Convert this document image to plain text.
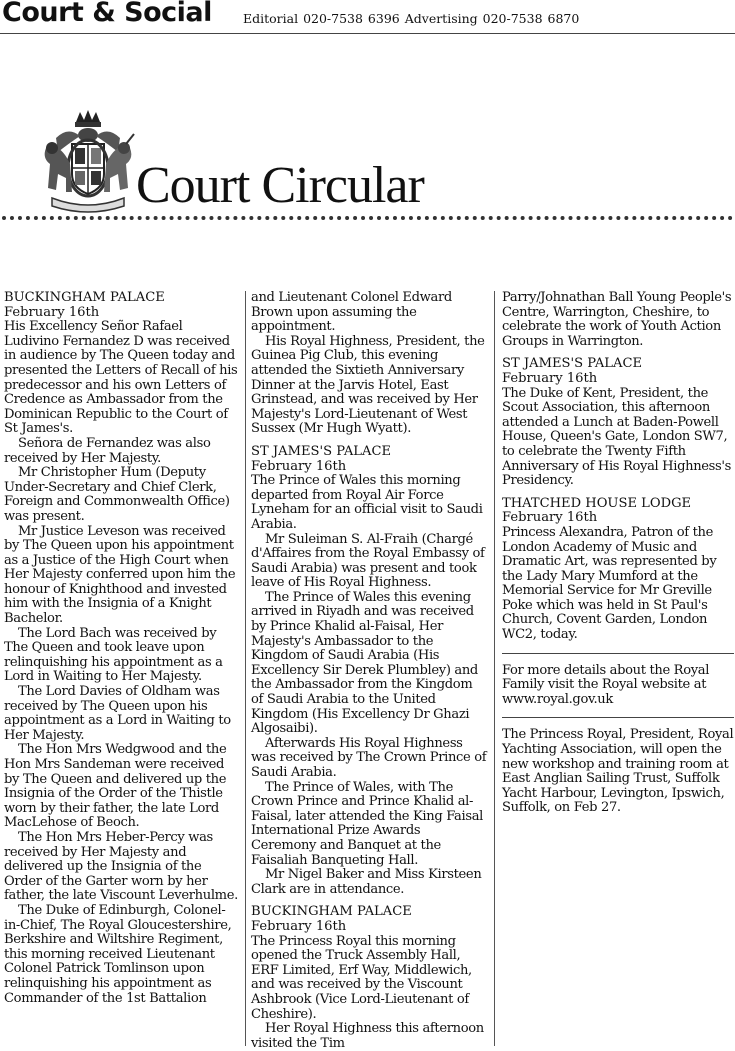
Court & Social Editorial 020-7538 6396 Advertising 020-7538 6870
Court Circular

BUCKINGHAM PALACE

February 16th

His Excellency Señor Rafael Ludivino Fernandez D was received in audience by The Queen today and presented the Letters of Recall of his predecessor and his own Letters of Credence as Ambassador from the Dominican Republic to the Court of St James's.

Señora de Fernandez was also received by Her Majesty.

Mr Christopher Hum (Deputy Under-Secretary and Chief Clerk, Foreign and Commonwealth Office) was present.

Mr Justice Leveson was received by The Queen upon his appointment as a Justice of the High Court when Her Majesty conferred upon him the honour of Knighthood and invested him with the Insignia of a Knight Bachelor.

The Lord Bach was received by The Queen and took leave upon relinquishing his appointment as a Lord in Waiting to Her Majesty.

The Lord Davies of Oldham was received by The Queen upon his appointment as a Lord in Waiting to Her Majesty.

The Hon Mrs Wedgwood and the Hon Mrs Sandeman were received by The Queen and delivered up the Insignia of the Order of the Thistle worn by their father, the late Lord MacLehose of Beoch.

The Hon Mrs Heber-Percy was received by Her Majesty and delivered up the Insignia of the Order of the Garter worn by her father, the late Viscount Leverhulme.

The Duke of Edinburgh, Colonel-in-Chief, The Royal Gloucestershire, Berkshire and Wiltshire Regiment, this morning received Lieutenant Colonel Patrick Tomlinson upon relinquishing his appointment as Commander of the 1st Battalion

and Lieutenant Colonel Edward Brown upon assuming the appointment.

His Royal Highness, President, the Guinea Pig Club, this evening attended the Sixtieth Anniversary Dinner at the Jarvis Hotel, East Grinstead, and was received by Her Majesty's Lord-Lieutenant of West Sussex (Mr Hugh Wyatt).

ST JAMES'S PALACE

February 16th

The Prince of Wales this morning departed from Royal Air Force Lyneham for an official visit to Saudi Arabia.

Mr Suleiman S. Al-Fraih (Chargé d'Affaires from the Royal Embassy of Saudi Arabia) was present and took leave of His Royal Highness.

The Prince of Wales this evening arrived in Riyadh and was received by Prince Khalid al-Faisal, Her Majesty's Ambassador to the Kingdom of Saudi Arabia (His Excellency Sir Derek Plumbley) and the Ambassador from the Kingdom of Saudi Arabia to the United Kingdom (His Excellency Dr Ghazi Algosaibi).

Afterwards His Royal Highness was received by The Crown Prince of Saudi Arabia.

The Prince of Wales, with The Crown Prince and Prince Khalid al-Faisal, later attended the King Faisal International Prize Awards Ceremony and Banquet at the Faisaliah Banqueting Hall.

Mr Nigel Baker and Miss Kirsteen Clark are in attendance.

BUCKINGHAM PALACE

February 16th

The Princess Royal this morning opened the Truck Assembly Hall, ERF Limited, Erf Way, Middlewich, and was received by the Viscount Ashbrook (Vice Lord-Lieutenant of Cheshire).

Her Royal Highness this afternoon visited the Tim

Parry/Johnathan Ball Young People's Centre, Warrington, Cheshire, to celebrate the work of Youth Action Groups in Warrington.

ST JAMES'S PALACE

February 16th

The Duke of Kent, President, the Scout Association, this afternoon attended a Lunch at Baden-Powell House, Queen's Gate, London SW7, to celebrate the Twenty Fifth Anniversary of His Royal Highness's Presidency.

THATCHED HOUSE LODGE

February 16th

Princess Alexandra, Patron of the London Academy of Music and Dramatic Art, was represented by the Lady Mary Mumford at the Memorial Service for Mr Greville Poke which was held in St Paul's Church, Covent Garden, London WC2, today.

For more details about the Royal Family visit the Royal website at www.royal.gov.uk

The Princess Royal, President, Royal Yachting Association, will open the new workshop and training room at East Anglian Sailing Trust, Suffolk Yacht Harbour, Levington, Ipswich, Suffolk, on Feb 27.
